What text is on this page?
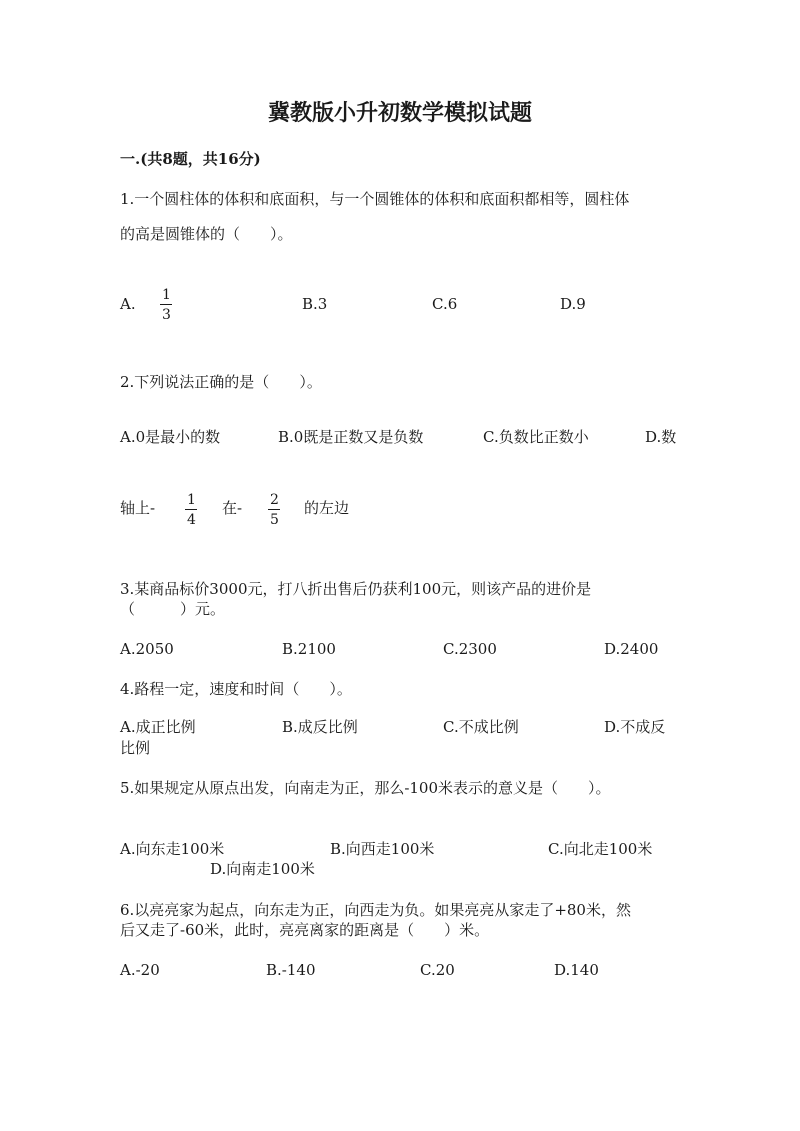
冀教版小升初数学模拟试题
一.(共8题，共16分)
1.一个圆柱体的体积和底面积，与一个圆锥体的体积和底面积都相等，圆柱体
的高是圆锥体的（　　）。
A. 1
3
B.3	C.6	D.9
2.下列说法正确的是（　　）。
A.0是最小的数	B.0既是正数又是负数	C.负数比正数小	D.数
轴上- 1
4
在- 2
5
的左边
3.某商品标价3000元，打八折出售后仍获利100元，则该产品的进价是
（　　　）元。
A.2050	B.2100	C.2300	D.2400
4.路程一定，速度和时间（　　）。
A.成正比例	B.成反比例	C.不成比例	D.不成反
比例
5.如果规定从原点出发，向南走为正，那么-100米表示的意义是（　　）。
A.向东走100米	B.向西走100米	C.向北走100米
D.向南走100米
6.以亮亮家为起点，向东走为正，向西走为负。如果亮亮从家走了+80米，然
后又走了-60米，此时，亮亮离家的距离是（　　）米。
A.-20	B.-140	C.20	D.140
